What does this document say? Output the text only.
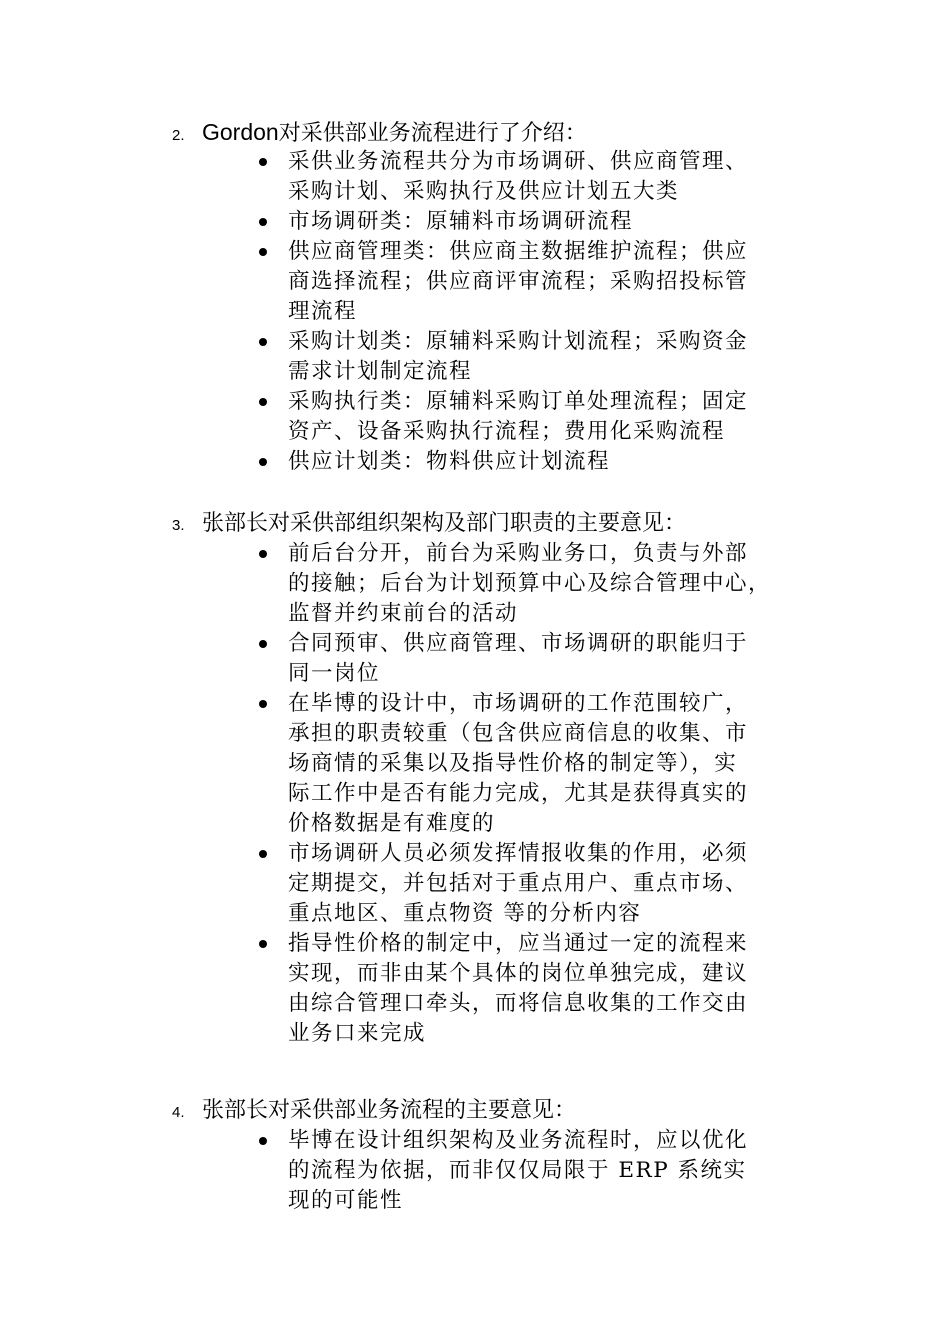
2. Gordon对采供部业务流程进行了介绍：
采供业务流程共分为市场调研、供应商管理、
采购计划、采购执行及供应计划五大类
市场调研类：原辅料市场调研流程
供应商管理类：供应商主数据维护流程；供应
商选择流程；供应商评审流程；采购招投标管
理流程
采购计划类：原辅料采购计划流程；采购资金
需求计划制定流程
采购执行类：原辅料采购订单处理流程；固定
资产、设备采购执行流程；费用化采购流程
供应计划类：物料供应计划流程
3. 张部长对采供部组织架构及部门职责的主要意见：
前后台分开，前台为采购业务口，负责与外部
的接触；后台为计划预算中心及综合管理中心，
监督并约束前台的活动
合同预审、供应商管理、市场调研的职能归于
同一岗位
在毕博的设计中，市场调研的工作范围较广，
承担的职责较重（包含供应商信息的收集、市
场商情的采集以及指导性价格的制定等），实
际工作中是否有能力完成，尤其是获得真实的
价格数据是有难度的
市场调研人员必须发挥情报收集的作用，必须
定期提交，并包括对于重点用户、重点市场、
重点地区、重点物资 等的分析内容
指导性价格的制定中，应当通过一定的流程来
实现，而非由某个具体的岗位单独完成，建议
由综合管理口牵头，而将信息收集的工作交由
业务口来完成
4. 张部长对采供部业务流程的主要意见：
毕博在设计组织架构及业务流程时，应以优化
的流程为依据，而非仅仅局限于 ERP 系统实
现的可能性
